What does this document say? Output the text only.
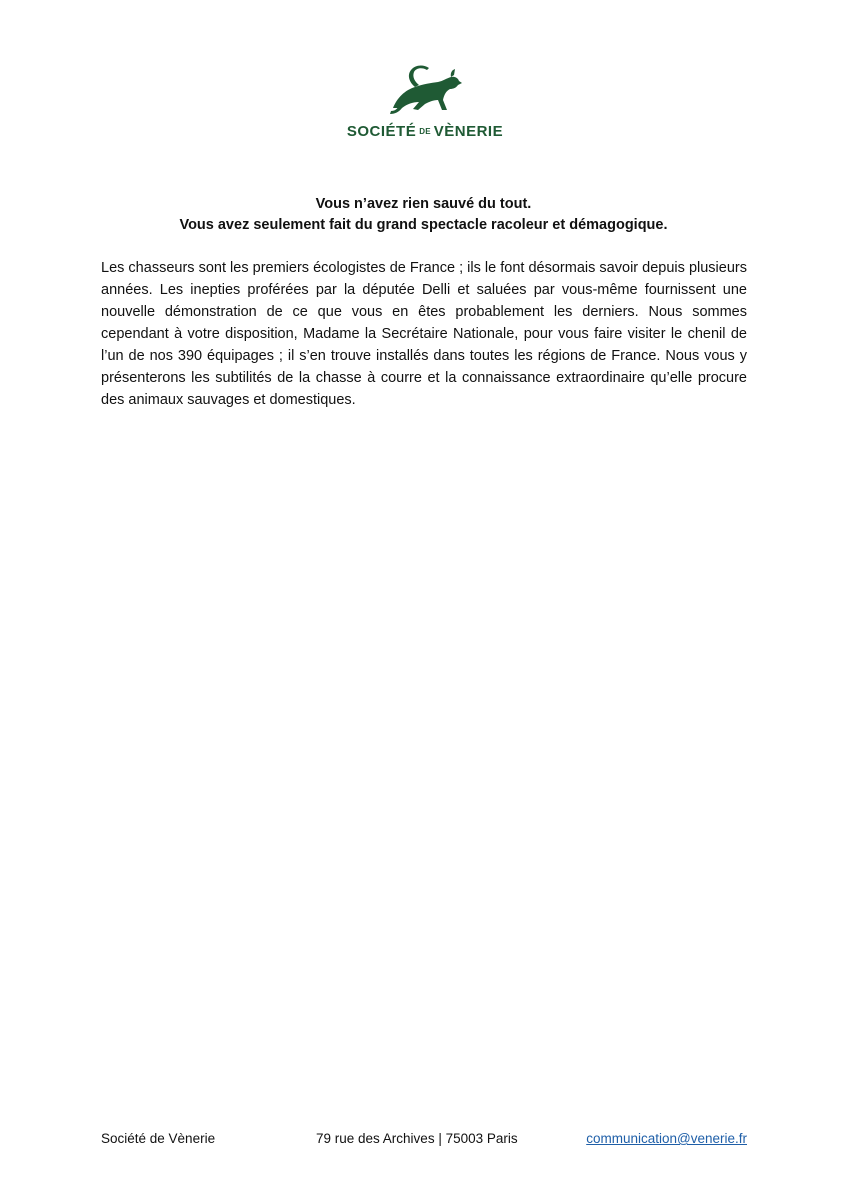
SOCIÉTÉ DE VÈNERIE
Vous n’avez rien sauvé du tout.
Vous avez seulement fait du grand spectacle racoleur et démagogique.
Les chasseurs sont les premiers écologistes de France ; ils le font désormais savoir depuis plusieurs années. Les inepties proférées par la députée Delli et saluées par vous-même fournissent une nouvelle démonstration de ce que vous en êtes probablement les derniers. Nous sommes cependant à votre disposition, Madame la Secrétaire Nationale, pour vous faire visiter le chenil de l’un de nos 390 équipages ; il s’en trouve installés dans toutes les régions de France. Nous vous y présenterons les subtilités de la chasse à courre et la connaissance extraordinaire qu’elle procure des animaux sauvages et domestiques.
Société de Vènerie	79 rue des Archives | 75003 Paris	communication@venerie.fr
